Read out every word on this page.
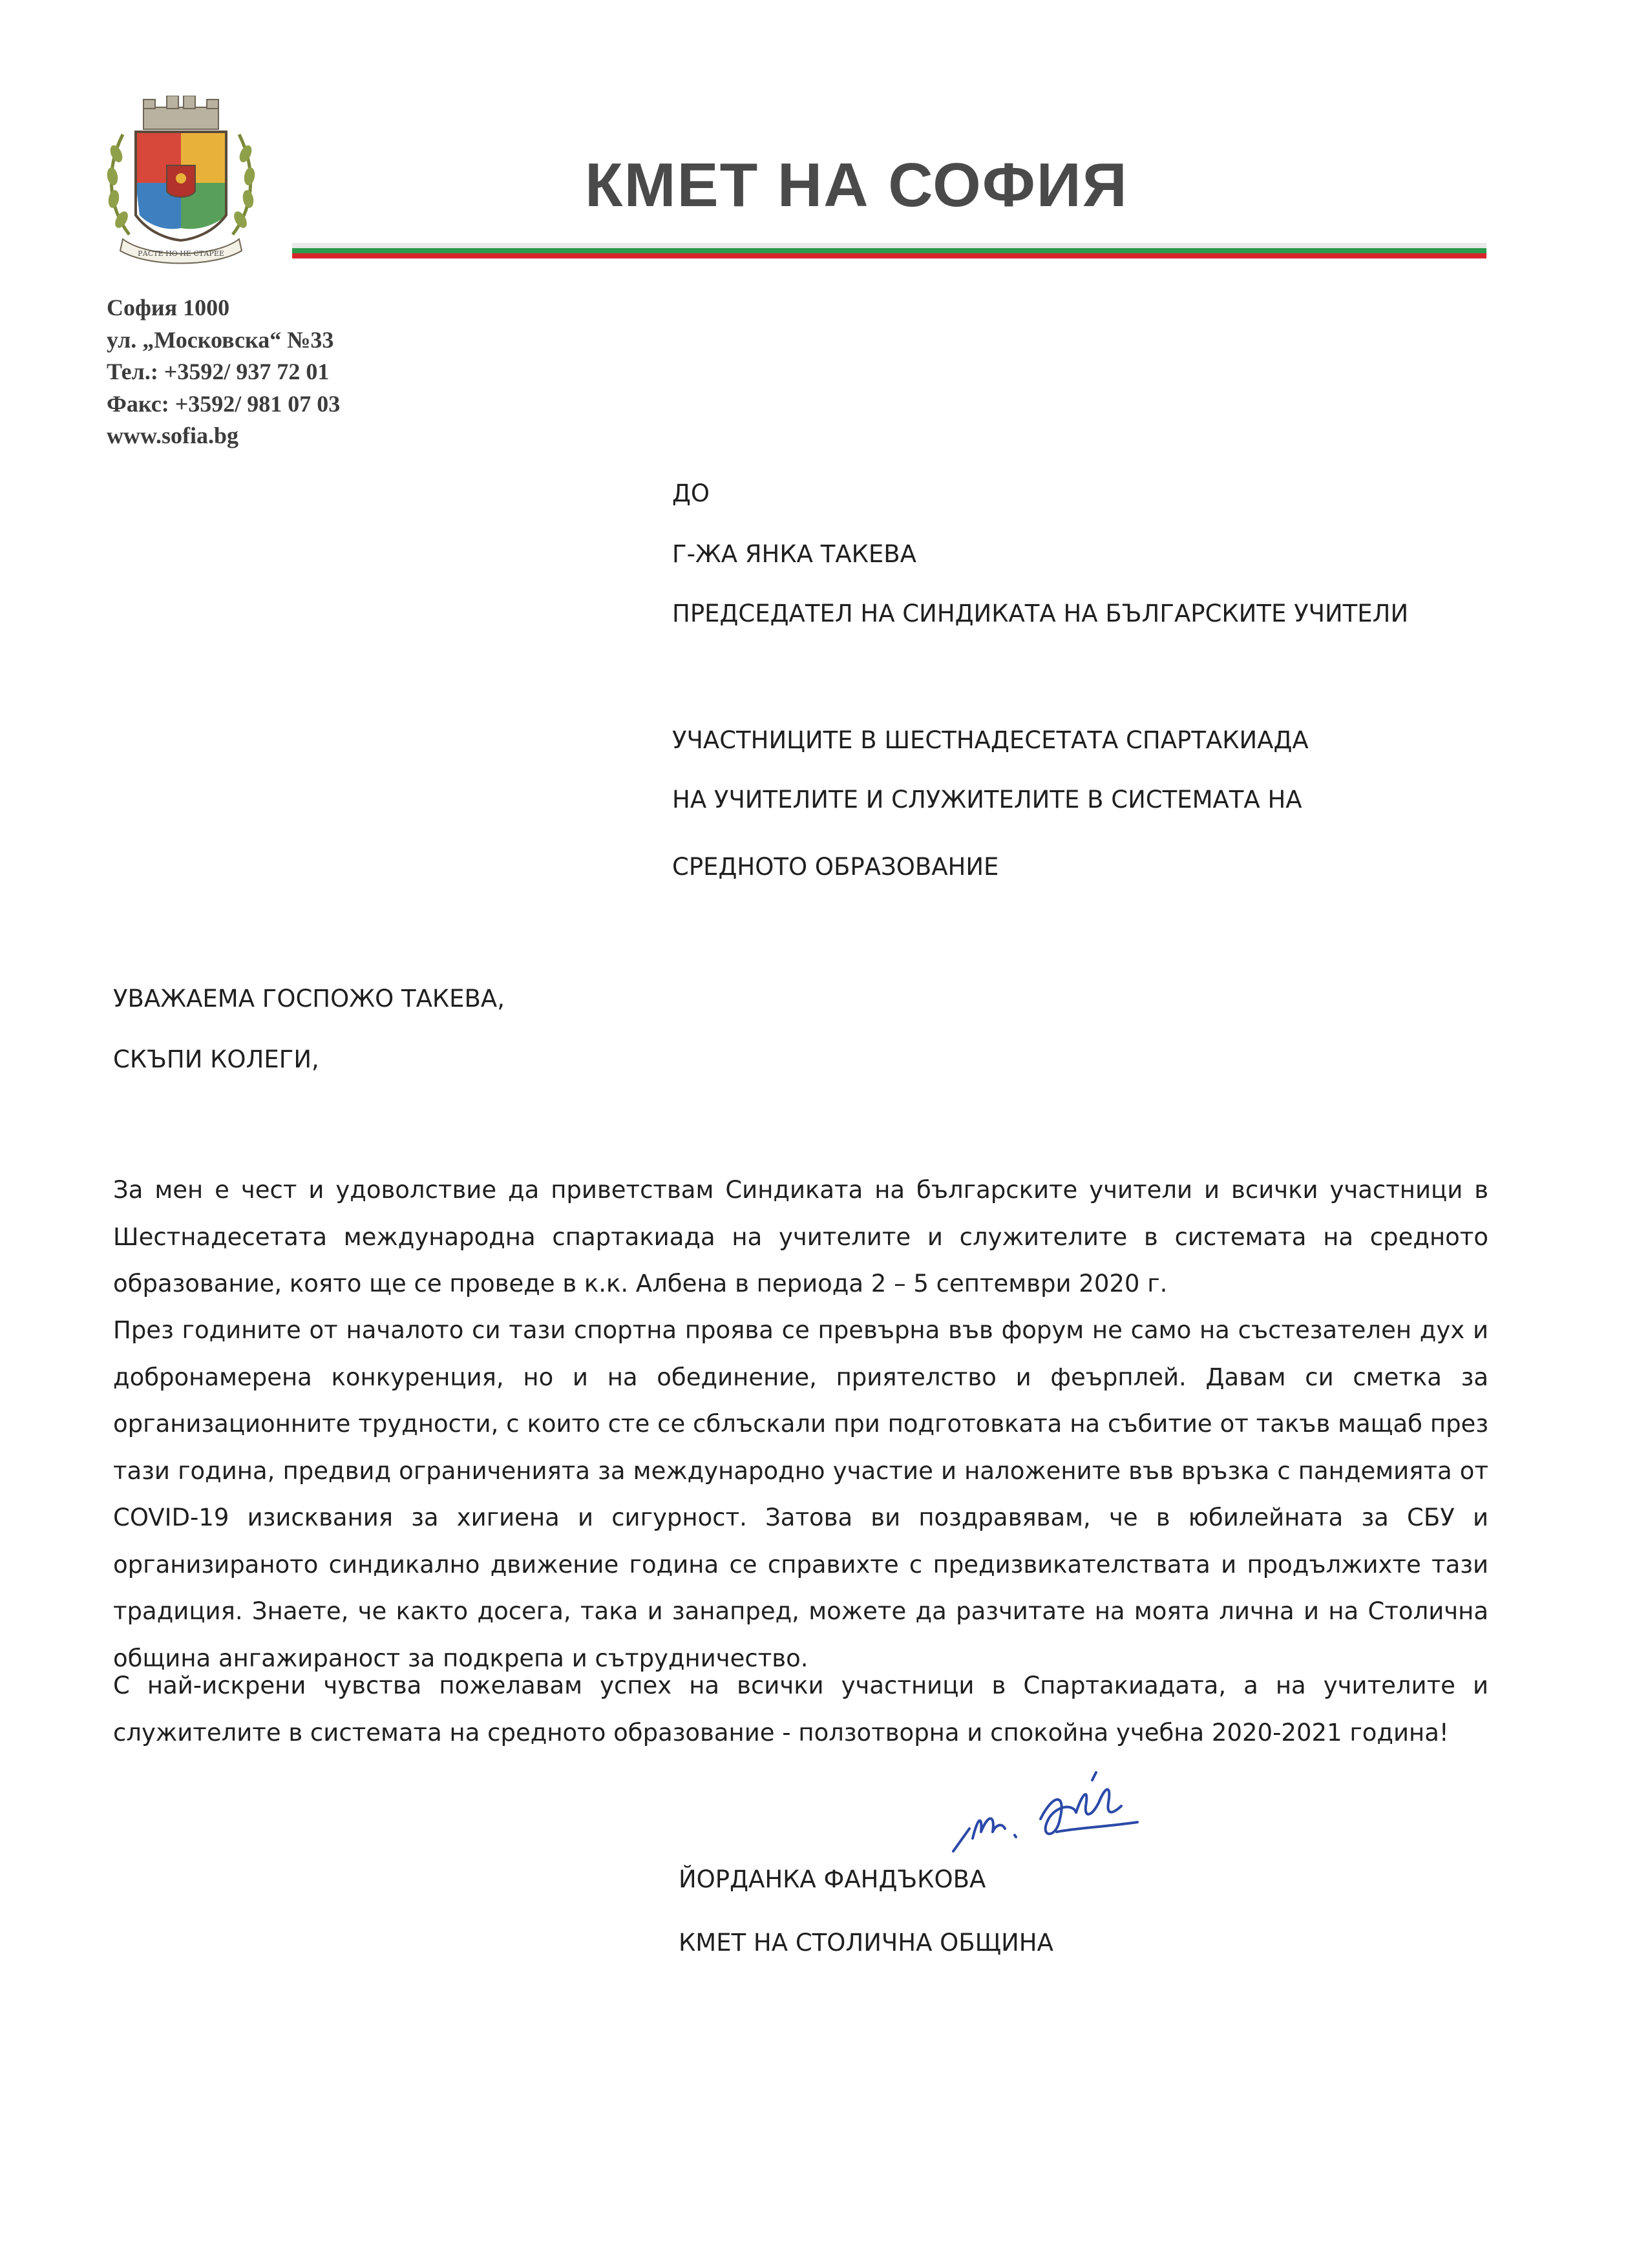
РАСТЕ НО НЕ СТАРЕЕ
КМЕТ НА СОФИЯ
София 1000
ул. „Московска“ №33
Тел.: +3592/ 937 72 01
Факс: +3592/ 981 07 03
www.sofia.bg
ДО
Г-ЖА ЯНКА ТАКЕВА
ПРЕДСЕДАТЕЛ НА СИНДИКАТА НА БЪЛГАРСКИТЕ УЧИТЕЛИ
УЧАСТНИЦИТЕ В ШЕСТНАДЕСЕТАТА СПАРТАКИАДА
НА УЧИТЕЛИТЕ И СЛУЖИТЕЛИТЕ В СИСТЕМАТА НА
СРЕДНОТО ОБРАЗОВАНИЕ
УВАЖАЕМА ГОСПОЖО ТАКЕВА,
СКЪПИ КОЛЕГИ,
За мен е чест и удоволствие да приветствам Синдиката на българските учители и всички участници в Шестнадесетата международна спартакиада на учителите и служителите в системата на средното образование, която ще се проведе в к.к. Албена в периода 2 – 5 септември 2020 г.
През годините от началото си тази спортна проява се превърна във форум не само на състезателен дух и добронамерена конкуренция, но и на обединение, приятелство и феърплей. Давам си сметка за организационните трудности, с които сте се сблъскали при подготовката на събитие от такъв мащаб през тази година, предвид ограниченията за международно участие и наложените във връзка с пандемията от COVID-19 изисквания за хигиена и сигурност. Затова ви поздравявам, че в юбилейната за СБУ и организираното синдикално движение година се справихте с предизвикателствата и продължихте тази традиция. Знаете, че както досега, така и занапред, можете да разчитате на моята лична и на Столична община ангажираност за подкрепа и сътрудничество.
С най-искрени чувства пожелавам успех на всички участници в Спартакиадата, а на учителите и служителите в системата на средното образование - ползотворна и спокойна учебна 2020-2021 година!
ЙОРДАНКА ФАНДЪКОВА
КМЕТ НА СТОЛИЧНА ОБЩИНА
